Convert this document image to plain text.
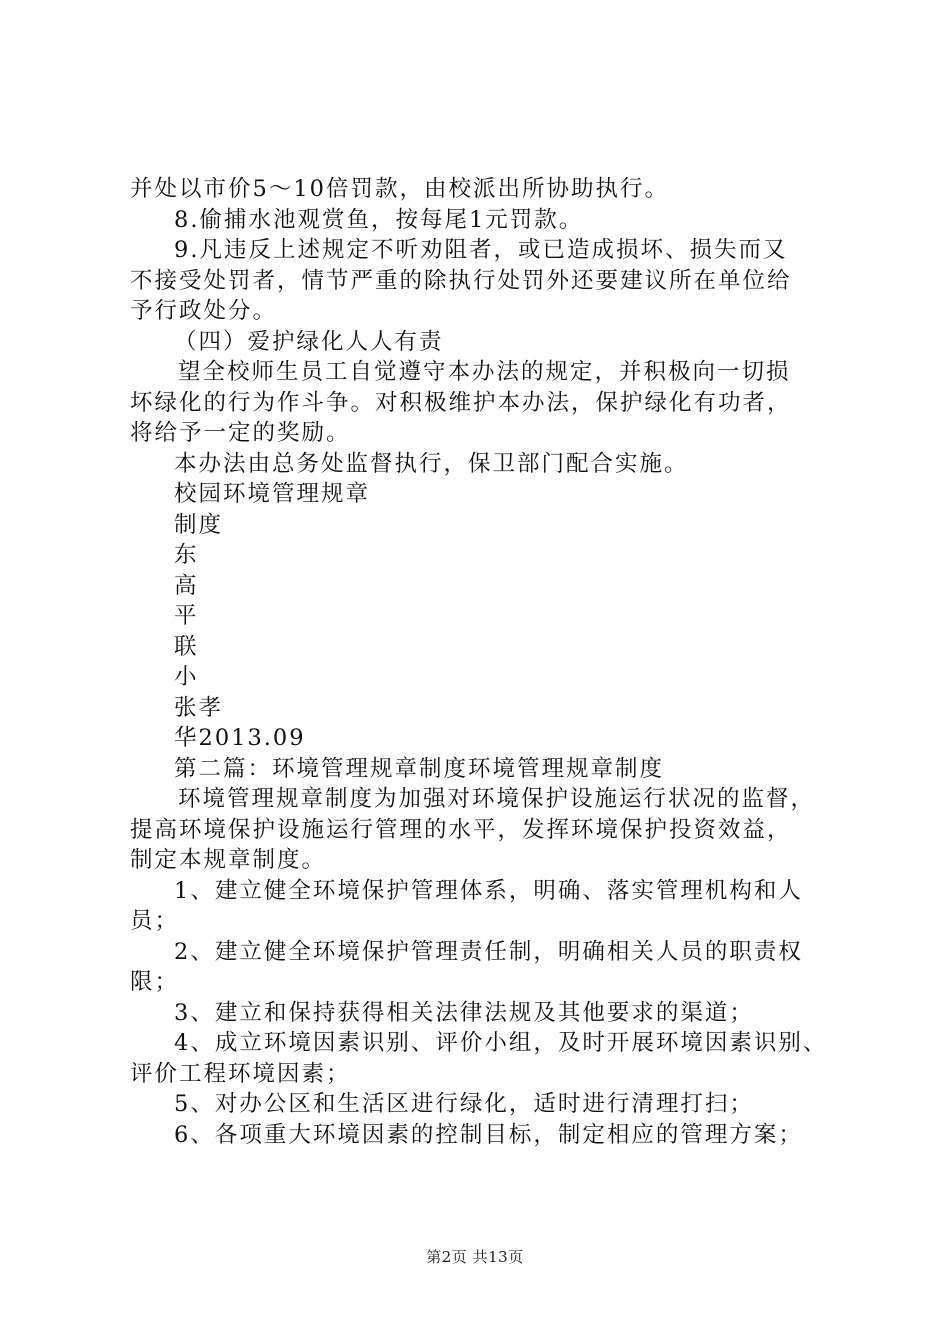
并处以市价5～10倍罚款，由校派出所协助执行。
8.偷捕水池观赏鱼，按每尾1元罚款。
9.凡违反上述规定不听劝阻者，或已造成损坏、损失而又
不接受处罚者，情节严重的除执行处罚外还要建议所在单位给
予行政处分。
（四）爱护绿化人人有责
望全校师生员工自觉遵守本办法的规定，并积极向一切损
坏绿化的行为作斗争。对积极维护本办法，保护绿化有功者，
将给予一定的奖励。
本办法由总务处监督执行，保卫部门配合实施。
校园环境管理规章
制度
东
高
平
联
小
张孝
华2013.09
第二篇：环境管理规章制度环境管理规章制度
环境管理规章制度为加强对环境保护设施运行状况的监督，
提高环境保护设施运行管理的水平，发挥环境保护投资效益，
制定本规章制度。
1、建立健全环境保护管理体系，明确、落实管理机构和人
员；
2、建立健全环境保护管理责任制，明确相关人员的职责权
限；
3、建立和保持获得相关法律法规及其他要求的渠道；
4、成立环境因素识别、评价小组，及时开展环境因素识别、
评价工程环境因素；
5、对办公区和生活区进行绿化，适时进行清理打扫；
6、各项重大环境因素的控制目标，制定相应的管理方案；
第2页 共13页
